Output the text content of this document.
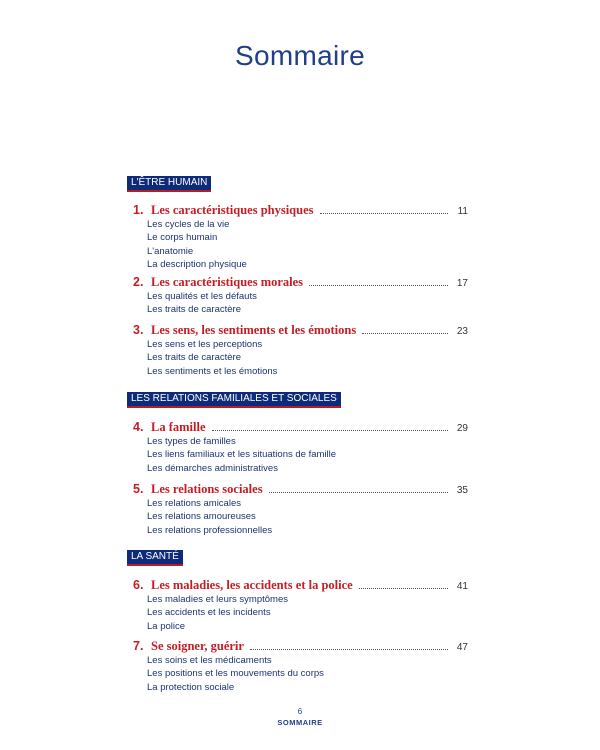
Sommaire
L'ÊTRE HUMAIN
1. Les caractéristiques physiques	11
Les cycles de la vie
Le corps humain
L'anatomie
La description physique
2. Les caractéristiques morales	17
Les qualités et les défauts
Les traits de caractère
3. Les sens, les sentiments et les émotions	23
Les sens et les perceptions
Les traits de caractère
Les sentiments et les émotions
LES RELATIONS FAMILIALES ET SOCIALES
4. La famille	29
Les types de familles
Les liens familiaux et les situations de famille
Les démarches administratives
5. Les relations sociales	35
Les relations amicales
Les relations amoureuses
Les relations professionnelles
LA SANTÉ
6. Les maladies, les accidents et la police	41
Les maladies et leurs symptômes
Les accidents et les incidents
La police
7. Se soigner, guérir	47
Les soins et les médicaments
Les positions et les mouvements du corps
La protection sociale
6
SOMMAIRE
